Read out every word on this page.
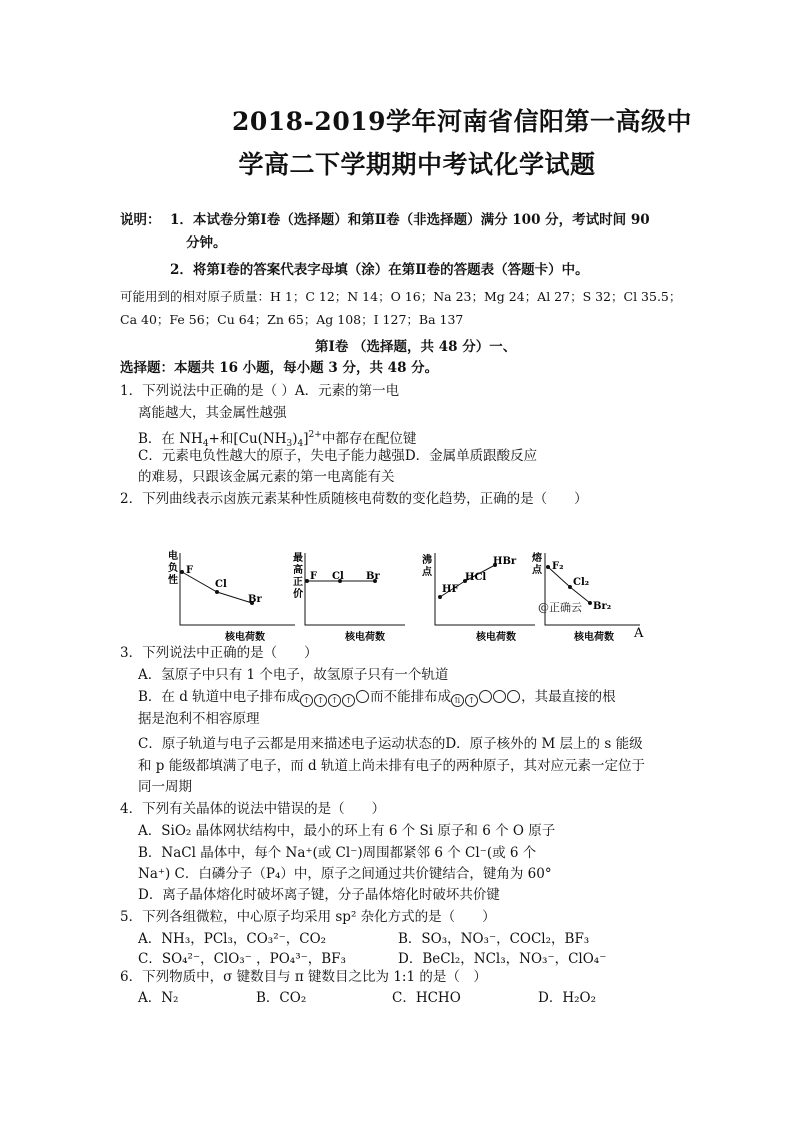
2018-2019学年河南省信阳第一高级中
学高二下学期期中考试化学试题
说明： 1．本试卷分第Ⅰ卷（选择题）和第Ⅱ卷（非选择题）满分 100 分，考试时间 90
分钟。
2．将第Ⅰ卷的答案代表字母填（涂）在第Ⅱ卷的答题表（答题卡）中。
可能用到的相对原子质量：H 1；C 12；N 14；O 16；Na 23；Mg 24；Al 27；S 32；Cl 35.5；
Ca 40；Fe 56；Cu 64；Zn 65；Ag 108；I 127；Ba 137
第Ⅰ卷 （选择题，共 48 分）一、
选择题：本题共 16 小题，每小题 3 分，共 48 分。
1．下列说法中正确的是（ ）A．元素的第一电
离能越大，其金属性越强
B．在 $NH_4+$和$[Cu(NH_3)_4]^{2+}$中都存在配位键
C．元素电负性越大的原子，失电子能力越强D．金属单质跟酸反应
的难易，只跟该金属元素的第一电离能有关
2．下列曲线表示卤族元素某种性质随核电荷数的变化趋势，正确的是（　　）
电
负
性
F
Cl
Br
核电荷数
最
高
正
价
F Cl Br
核电荷数
沸
点
HF
HCl
HBr
核电荷数
熔
点 F₂
Cl₂
Br₂
核电荷数
@正确云
A
3．下列说法中正确的是（　　）
A．氢原子中只有 1 个电子，故氢原子只有一个轨道
B．在 d 轨道中电子排布成 ↑ ↑ ↑ ↑ 而不能排布成 ⇅ ↑	，其最直接的根
据是泡利不相容原理
C．原子轨道与电子云都是用来描述电子运动状态的D．原子核外的 M 层上的 s 能级
和 p 能级都填满了电子，而 d 轨道上尚未排有电子的两种原子，其对应元素一定位于
同一周期
4．下列有关晶体的说法中错误的是（　　）
A．SiO₂ 晶体网状结构中，最小的环上有 6 个 Si 原子和 6 个 O 原子
B．NaCl 晶体中，每个 Na⁺(或 Cl⁻)周围都紧邻 6 个 Cl⁻(或 6 个
Na⁺) C．白磷分子（P₄）中，原子之间通过共价键结合，键角为 60°
D．离子晶体熔化时破坏离子键，分子晶体熔化时破坏共价键
5．下列各组微粒，中心原子均采用 sp² 杂化方式的是（　　）
A．NH₃，PCl₃，CO₃²⁻，CO₂	B．SO₃，NO₃⁻，COCl₂，BF₃
C．SO₄²⁻，ClO₃⁻ ，PO₄³⁻，BF₃	D．BeCl₂，NCl₃，NO₃⁻，ClO₄⁻
6．下列物质中，σ 键数目与 π 键数目之比为 1:1 的是（　）
A．N₂	B．CO₂	C．HCHO	D．H₂O₂
